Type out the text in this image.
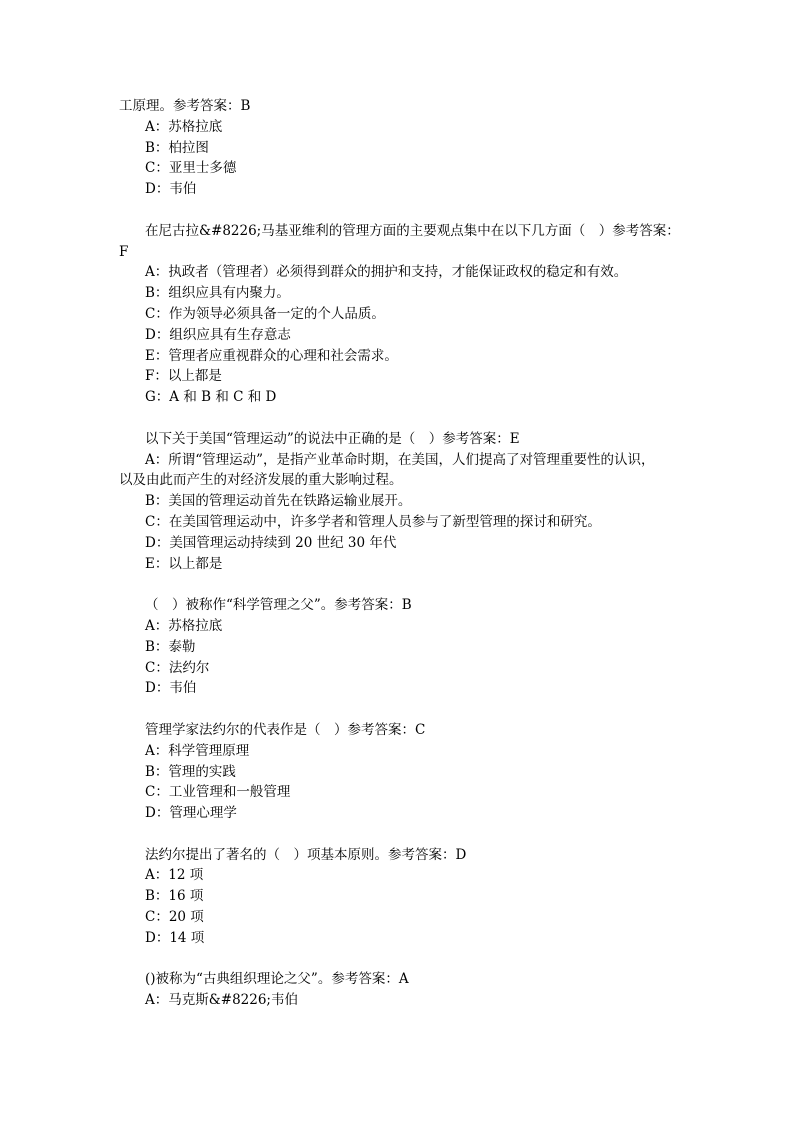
工原理。参考答案：B
A：苏格拉底
B：柏拉图
C：亚里士多德
D：韦伯
在尼古拉&#8226;马基亚维利的管理方面的主要观点集中在以下几方面（　）参考答案：
F
A：执政者（管理者）必须得到群众的拥护和支持，才能保证政权的稳定和有效。
B：组织应具有内聚力。
C：作为领导必须具备一定的个人品质。
D：组织应具有生存意志
E：管理者应重视群众的心理和社会需求。
F：以上都是
G：A 和 B 和 C 和 D
以下关于美国“管理运动”的说法中正确的是（　）参考答案：E
A：所谓“管理运动”，是指产业革命时期，在美国，人们提高了对管理重要性的认识，
以及由此而产生的对经济发展的重大影响过程。
B：美国的管理运动首先在铁路运输业展开。
C：在美国管理运动中，许多学者和管理人员参与了新型管理的探讨和研究。
D：美国管理运动持续到 20 世纪 30 年代
E：以上都是
（　）被称作“科学管理之父”。参考答案：B
A：苏格拉底
B：泰勒
C：法约尔
D：韦伯
管理学家法约尔的代表作是（　）参考答案：C
A：科学管理原理
B：管理的实践
C：工业管理和一般管理
D：管理心理学
法约尔提出了著名的（　）项基本原则。参考答案：D
A：12 项
B：16 项
C：20 项
D：14 项
()被称为“古典组织理论之父”。参考答案：A
A：马克斯&#8226;韦伯
